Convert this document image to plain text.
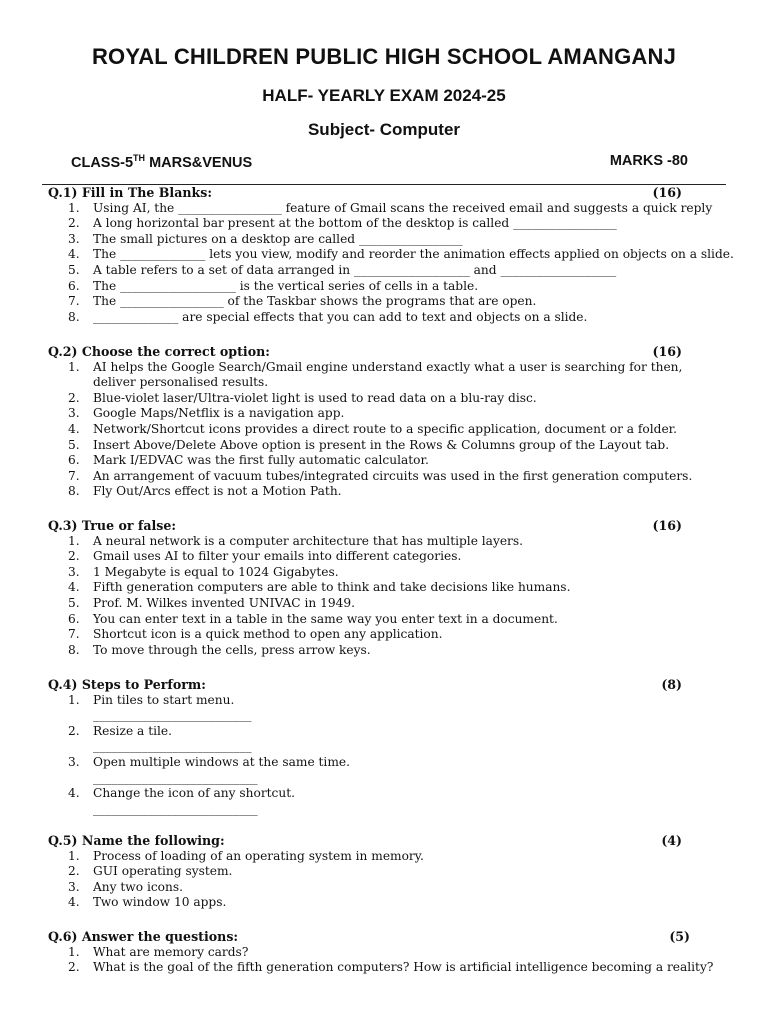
ROYAL CHILDREN PUBLIC HIGH SCHOOL AMANGANJ
HALF- YEARLY EXAM 2024-25
Subject- Computer
CLASS-5TH MARS&VENUS	MARKS -80
Q.1) Fill in The Blanks:	(16)
1. Using AI, the _________________ feature of Gmail scans the received email and suggests a quick reply
2. A long horizontal bar present at the bottom of the desktop is called _________________
3. The small pictures on a desktop are called _________________
4. The ______________ lets you view, modify and reorder the animation effects applied on objects on a slide.
5. A table refers to a set of data arranged in ___________________ and ___________________
6. The ___________________ is the vertical series of cells in a table.
7. The _________________ of the Taskbar shows the programs that are open.
8. ______________ are special effects that you can add to text and objects on a slide.
Q.2) Choose the correct option:	(16)
1. AI helps the Google Search/Gmail engine understand exactly what a user is searching for then, deliver personalised results.
2. Blue-violet laser/Ultra-violet light is used to read data on a blu-ray disc.
3. Google Maps/Netflix is a navigation app.
4. Network/Shortcut icons provides a direct route to a specific application, document or a folder.
5. Insert Above/Delete Above option is present in the Rows & Columns group of the Layout tab.
6. Mark I/EDVAC was the first fully automatic calculator.
7. An arrangement of vacuum tubes/integrated circuits was used in the first generation computers.
8. Fly Out/Arcs effect is not a Motion Path.
Q.3) True or false:	(16)
1. A neural network is a computer architecture that has multiple layers.
2. Gmail uses AI to filter your emails into different categories.
3. 1 Megabyte is equal to 1024 Gigabytes.
4. Fifth generation computers are able to think and take decisions like humans.
5. Prof. M. Wilkes invented UNIVAC in 1949.
6. You can enter text in a table in the same way you enter text in a document.
7. Shortcut icon is a quick method to open any application.
8. To move through the cells, press arrow keys.
Q.4) Steps to Perform:	(8)
1. Pin tiles to start menu.
__________________________
2. Resize a tile.
__________________________
3. Open multiple windows at the same time.
___________________________
4. Change the icon of any shortcut.
___________________________
Q.5) Name the following:	(4)
1. Process of loading of an operating system in memory.
2. GUI operating system.
3. Any two icons.
4. Two window 10 apps.
Q.6) Answer the questions:	(5)
1. What are memory cards?
2. What is the goal of the fifth generation computers? How is artificial intelligence becoming a reality?
